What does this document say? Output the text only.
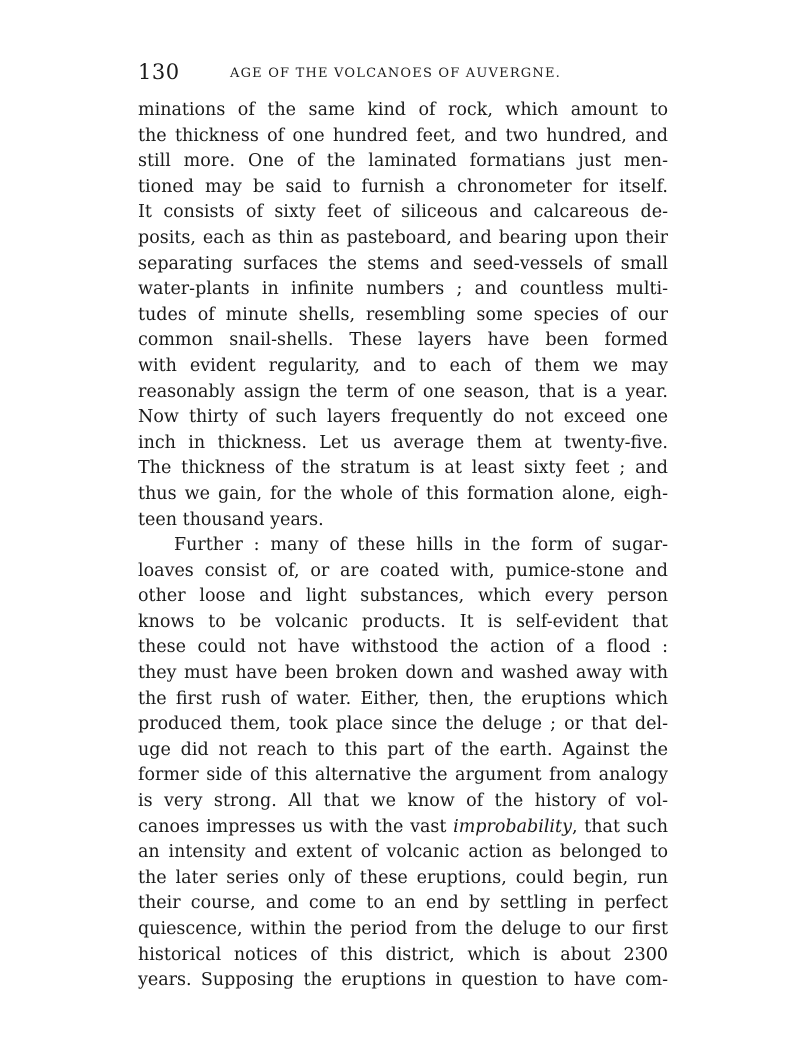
130	AGE OF THE VOLCANOES OF AUVERGNE.
minations of the same kind of rock, which amount to
the thickness of one hundred feet, and two hundred, and
still more. One of the laminated formatians just men-
tioned may be said to furnish a chronometer for itself.
It consists of sixty feet of siliceous and calcareous de-
posits, each as thin as pasteboard, and bearing upon their
separating surfaces the stems and seed-vessels of small
water-plants in infinite numbers ; and countless multi-
tudes of minute shells, resembling some species of our
common snail-shells. These layers have been formed
with evident regularity, and to each of them we may
reasonably assign the term of one season, that is a year.
Now thirty of such layers frequently do not exceed one
inch in thickness. Let us average them at twenty-five.
The thickness of the stratum is at least sixty feet ; and
thus we gain, for the whole of this formation alone, eigh-
teen thousand years.
Further : many of these hills in the form of sugar-
loaves consist of, or are coated with, pumice-stone and
other loose and light substances, which every person
knows to be volcanic products. It is self-evident that
these could not have withstood the action of a flood :
they must have been broken down and washed away with
the first rush of water. Either, then, the eruptions which
produced them, took place since the deluge ; or that del-
uge did not reach to this part of the earth. Against the
former side of this alternative the argument from analogy
is very strong. All that we know of the history of vol-
canoes impresses us with the vast improbability, that such
an intensity and extent of volcanic action as belonged to
the later series only of these eruptions, could begin, run
their course, and come to an end by settling in perfect
quiescence, within the period from the deluge to our first
historical notices of this district, which is about 2300
years. Supposing the eruptions in question to have com-
